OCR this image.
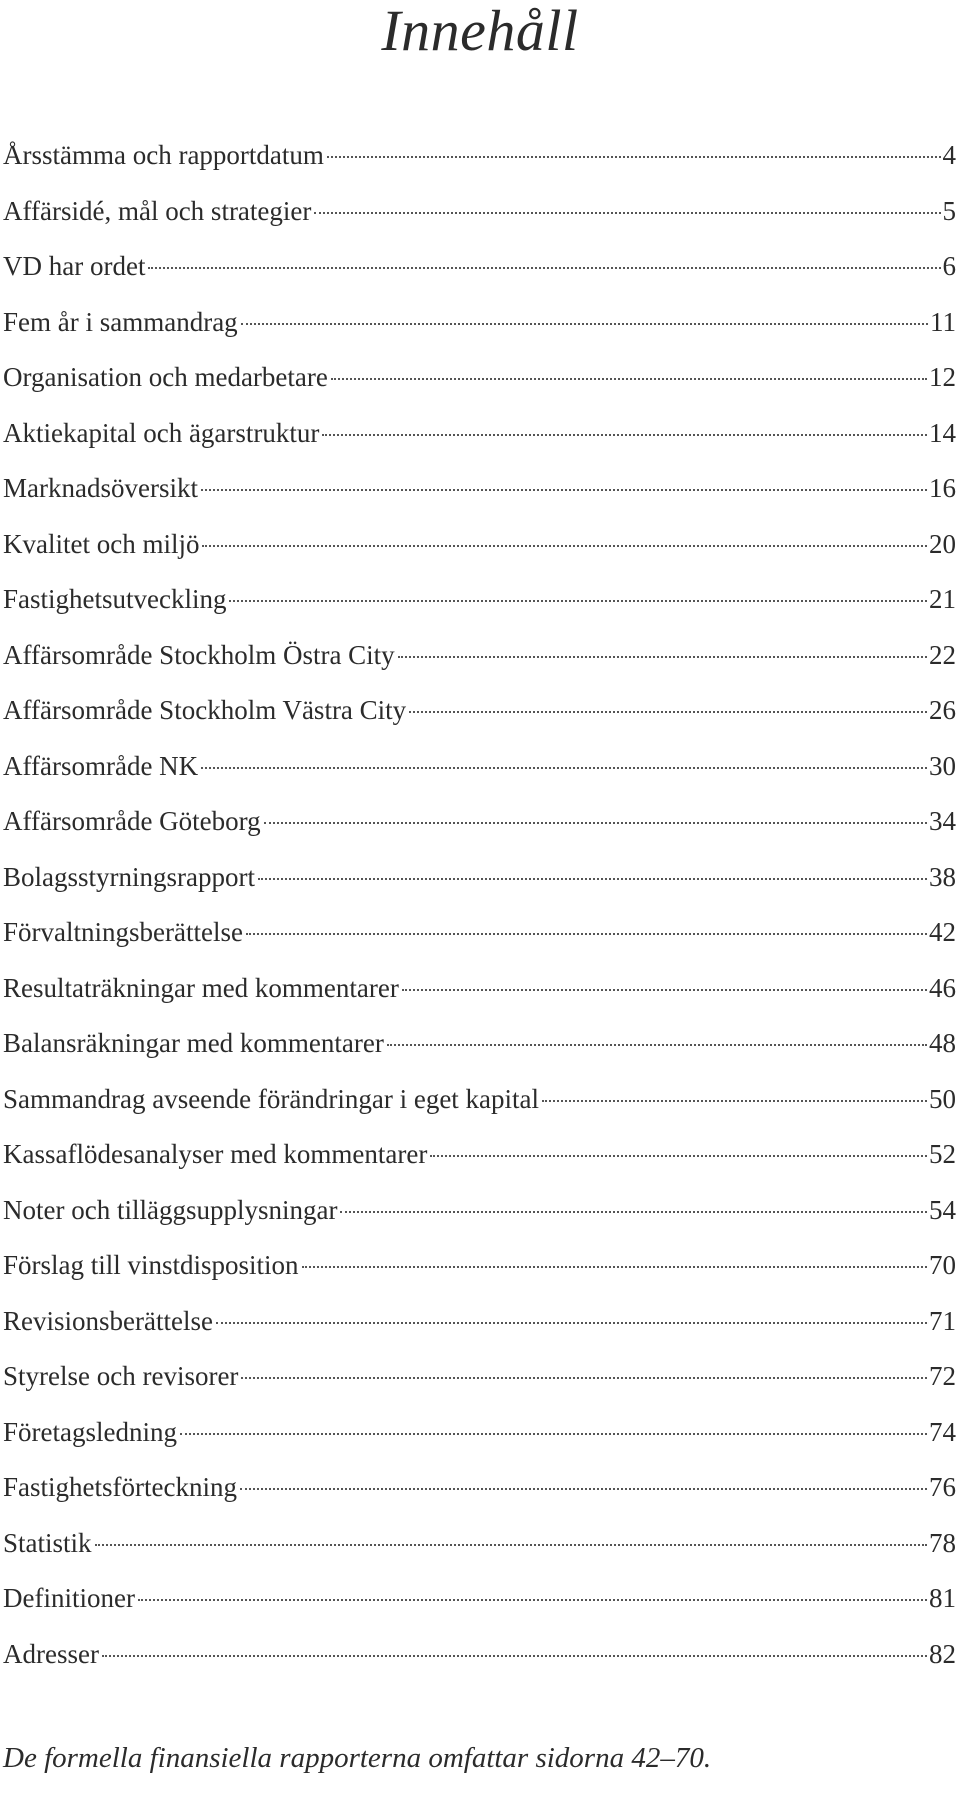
Innehåll
Årsstämma och rapportdatum	4
Affärsidé, mål och strategier	5
VD har ordet	6
Fem år i sammandrag	11
Organisation och medarbetare	12
Aktiekapital och ägarstruktur	14
Marknadsöversikt	16
Kvalitet och miljö	20
Fastighetsutveckling	21
Affärsområde Stockholm Östra City	22
Affärsområde Stockholm Västra City	26
Affärsområde NK	30
Affärsområde Göteborg	34
Bolagsstyrningsrapport	38
Förvaltningsberättelse	42
Resultaträkningar med kommentarer	46
Balansräkningar med kommentarer	48
Sammandrag avseende förändringar i eget kapital	50
Kassaflödesanalyser med kommentarer	52
Noter och tilläggsupplysningar	54
Förslag till vinstdisposition	70
Revisionsberättelse	71
Styrelse och revisorer	72
Företagsledning	74
Fastighetsförteckning	76
Statistik	78
Definitioner	81
Adresser	82

De formella finansiella rapporterna omfattar sidorna 42–70.
